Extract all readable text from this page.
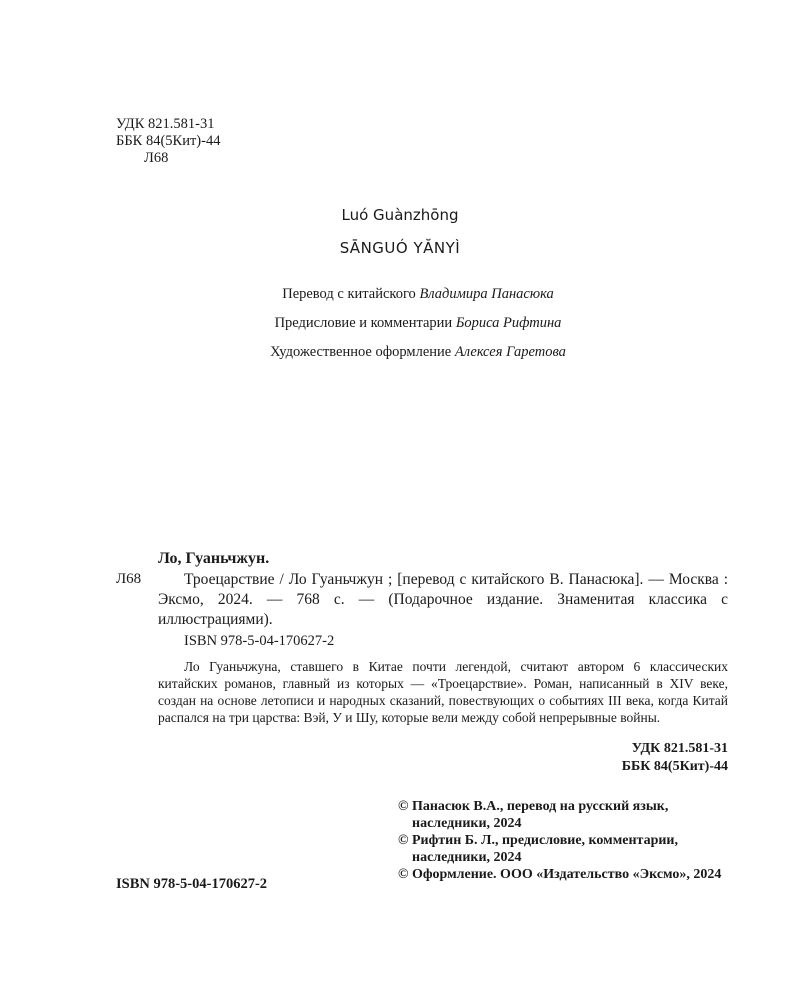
УДК 821.581-31
ББК 84(5Кит)-44
Л68
Luó Guànzhōng
SĀNGUÓ YĂNYÌ
Перевод с китайского Владимира Панасюка
Предисловие и комментарии Бориса Рифтина
Художественное оформление Алексея Гаретова
Ло, Гуаньчжун.
Л68	Троецарствие / Ло Гуаньчжун ; [перевод с китайского В. Панасюка]. — Москва : Эксмо, 2024. — 768 с. — (Подарочное издание. Знаменитая классика с иллюстрациями).
ISBN 978-5-04-170627-2
Ло Гуаньчжуна, ставшего в Китае почти легендой, считают автором 6 классических китайских романов, главный из которых — «Троецарствие». Роман, написанный в XIV веке, создан на основе летописи и народных сказаний, повествующих о событиях III века, когда Китай распался на три царства: Вэй, У и Шу, которые вели между собой непрерывные войны.
УДК 821.581-31
ББК 84(5Кит)-44
© Панасюк В.А., перевод на русский язык, наследники, 2024
© Рифтин Б. Л., предисловие, комментарии, наследники, 2024
© Оформление. ООО «Издательство «Эксмо», 2024
ISBN 978-5-04-170627-2
